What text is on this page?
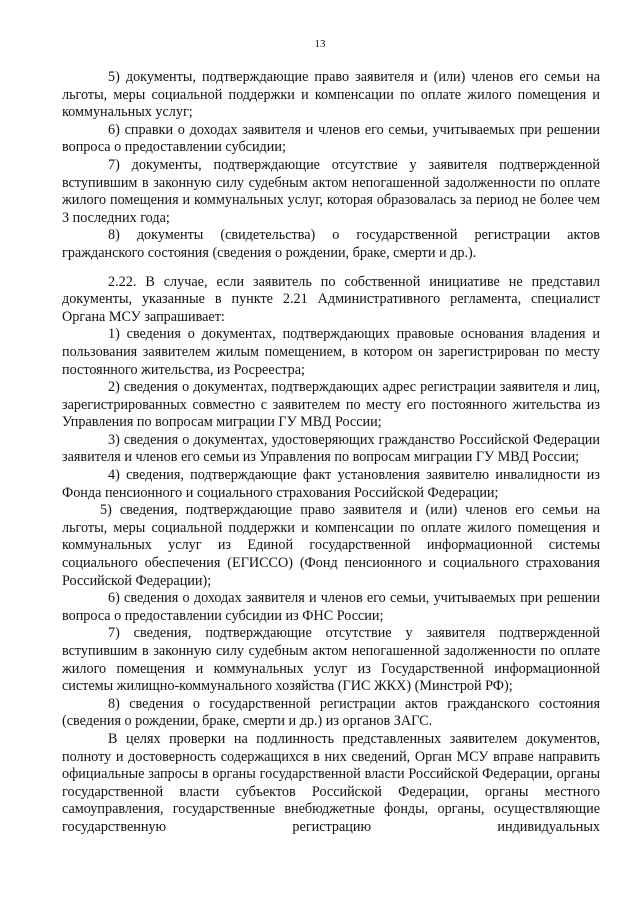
13

5) документы, подтверждающие право заявителя и (или) членов его семьи на льготы, меры социальной поддержки и компенсации по оплате жилого помещения и коммунальных услуг;

6) справки о доходах заявителя и членов его семьи, учитываемых при решении вопроса о предоставлении субсидии;

7) документы, подтверждающие отсутствие у заявителя подтвержденной вступившим в законную силу судебным актом непогашенной задолженности по оплате жилого помещения и коммунальных услуг, которая образовалась за период не более чем 3 последних года;

8) документы (свидетельства) о государственной регистрации актов гражданского состояния (сведения о рождении, браке, смерти и др.).

2.22. В случае, если заявитель по собственной инициативе не представил документы, указанные в пункте 2.21 Административного регламента, специалист Органа МСУ запрашивает:

1) сведения о документах, подтверждающих правовые основания владения и пользования заявителем жилым помещением, в котором он зарегистрирован по месту постоянного жительства, из Росреестра;

2) сведения о документах, подтверждающих адрес регистрации заявителя и лиц, зарегистрированных совместно с заявителем по месту его постоянного жительства из Управления по вопросам миграции ГУ МВД России;

3) сведения о документах, удостоверяющих гражданство Российской Федерации заявителя и членов его семьи из Управления по вопросам миграции ГУ МВД России;

4) сведения, подтверждающие факт установления заявителю инвалидности из Фонда пенсионного и социального страхования Российской Федерации;

5) сведения, подтверждающие право заявителя и (или) членов его семьи на льготы, меры социальной поддержки и компенсации по оплате жилого помещения и коммунальных услуг из Единой государственной информационной системы социального обеспечения (ЕГИССО) (Фонд пенсионного и социального страхования Российской Федерации);

6) сведения о доходах заявителя и членов его семьи, учитываемых при решении вопроса о предоставлении субсидии из ФНС России;

7) сведения, подтверждающие отсутствие у заявителя подтвержденной вступившим в законную силу судебным актом непогашенной задолженности по оплате жилого помещения и коммунальных услуг из Государственной информационной системы жилищно-коммунального хозяйства (ГИС ЖКХ) (Минстрой РФ);

8) сведения о государственной регистрации актов гражданского состояния (сведения о рождении, браке, смерти и др.) из органов ЗАГС.

В целях проверки на подлинность представленных заявителем документов, полноту и достоверность содержащихся в них сведений, Орган МСУ вправе направить официальные запросы в органы государственной власти Российской Федерации, органы государственной власти субъектов Российской Федерации, органы местного самоуправления, государственные внебюджетные фонды, органы, осуществляющие государственную регистрацию индивидуальных
